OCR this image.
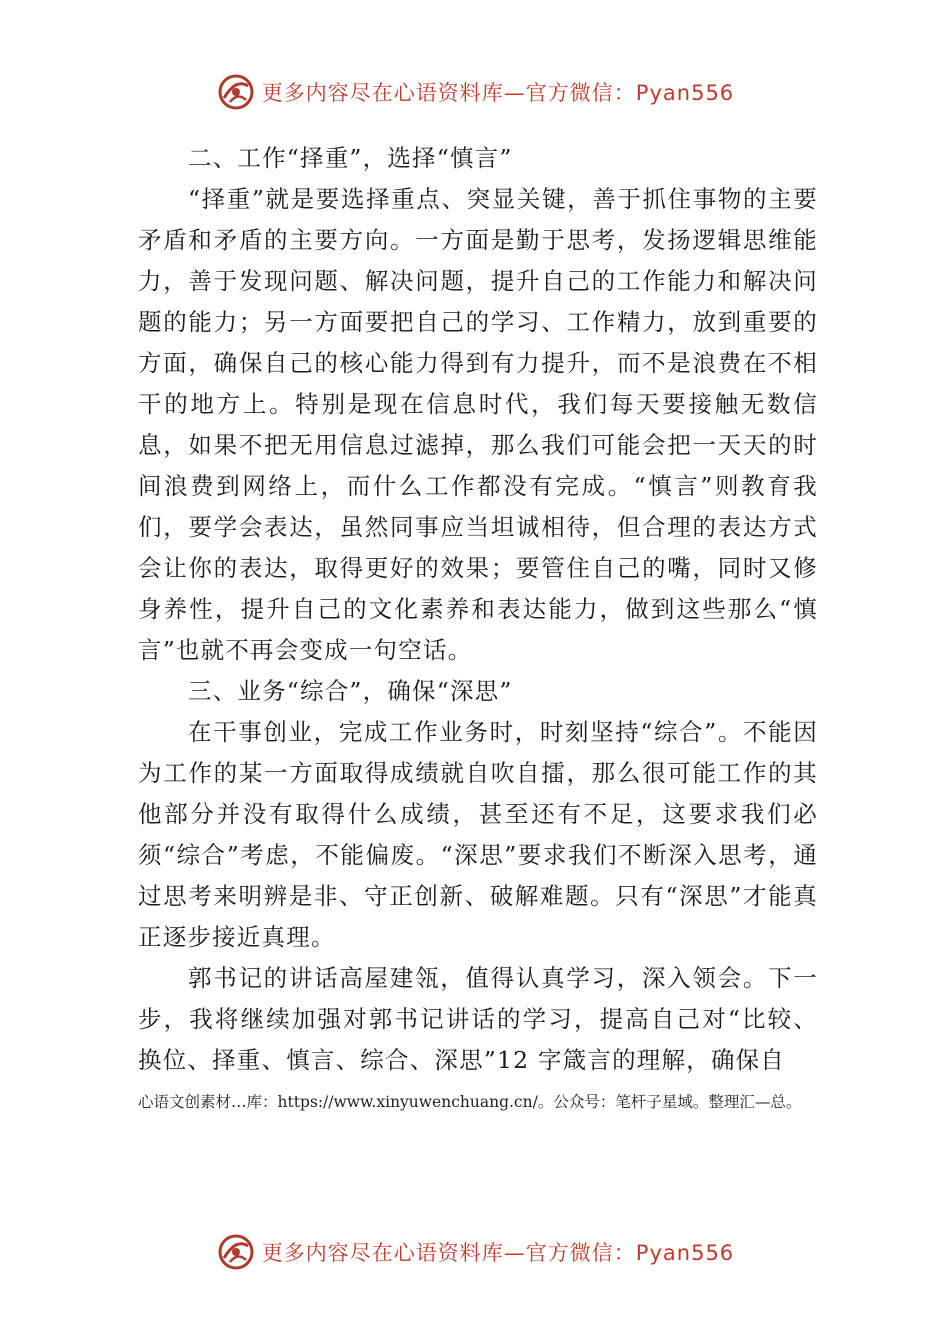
更多内容尽在心语资料库—官方微信：Pyan556

二、工作“择重”，选择“慎言”

“择重”就是要选择重点、突显关键，善于抓住事物的主要矛盾和矛盾的主要方向。一方面是勤于思考，发扬逻辑思维能力，善于发现问题、解决问题，提升自己的工作能力和解决问题的能力；另一方面要把自己的学习、工作精力，放到重要的方面，确保自己的核心能力得到有力提升，而不是浪费在不相干的地方上。特别是现在信息时代，我们每天要接触无数信息，如果不把无用信息过滤掉，那么我们可能会把一天天的时间浪费到网络上，而什么工作都没有完成。“慎言”则教育我们，要学会表达，虽然同事应当坦诚相待，但合理的表达方式会让你的表达，取得更好的效果；要管住自己的嘴，同时又修身养性，提升自己的文化素养和表达能力，做到这些那么“慎言”也就不再会变成一句空话。

三、业务“综合”，确保“深思”

在干事创业，完成工作业务时，时刻坚持“综合”。不能因为工作的某一方面取得成绩就自吹自擂，那么很可能工作的其他部分并没有取得什么成绩，甚至还有不足，这要求我们必须“综合”考虑，不能偏废。“深思”要求我们不断深入思考，通过思考来明辨是非、守正创新、破解难题。只有“深思”才能真正逐步接近真理。

郭书记的讲话高屋建瓴，值得认真学习，深入领会。下一步，我将继续加强对郭书记讲话的学习，提高自己对“比较、换位、择重、慎言、综合、深思”12 字箴言的理解，确保自

心语文创素材…库：https://www.xinyuwenchuang.cn/。公众号：笔杆子星域。整理汇—总。
更多内容尽在心语资料库—官方微信：Pyan556
